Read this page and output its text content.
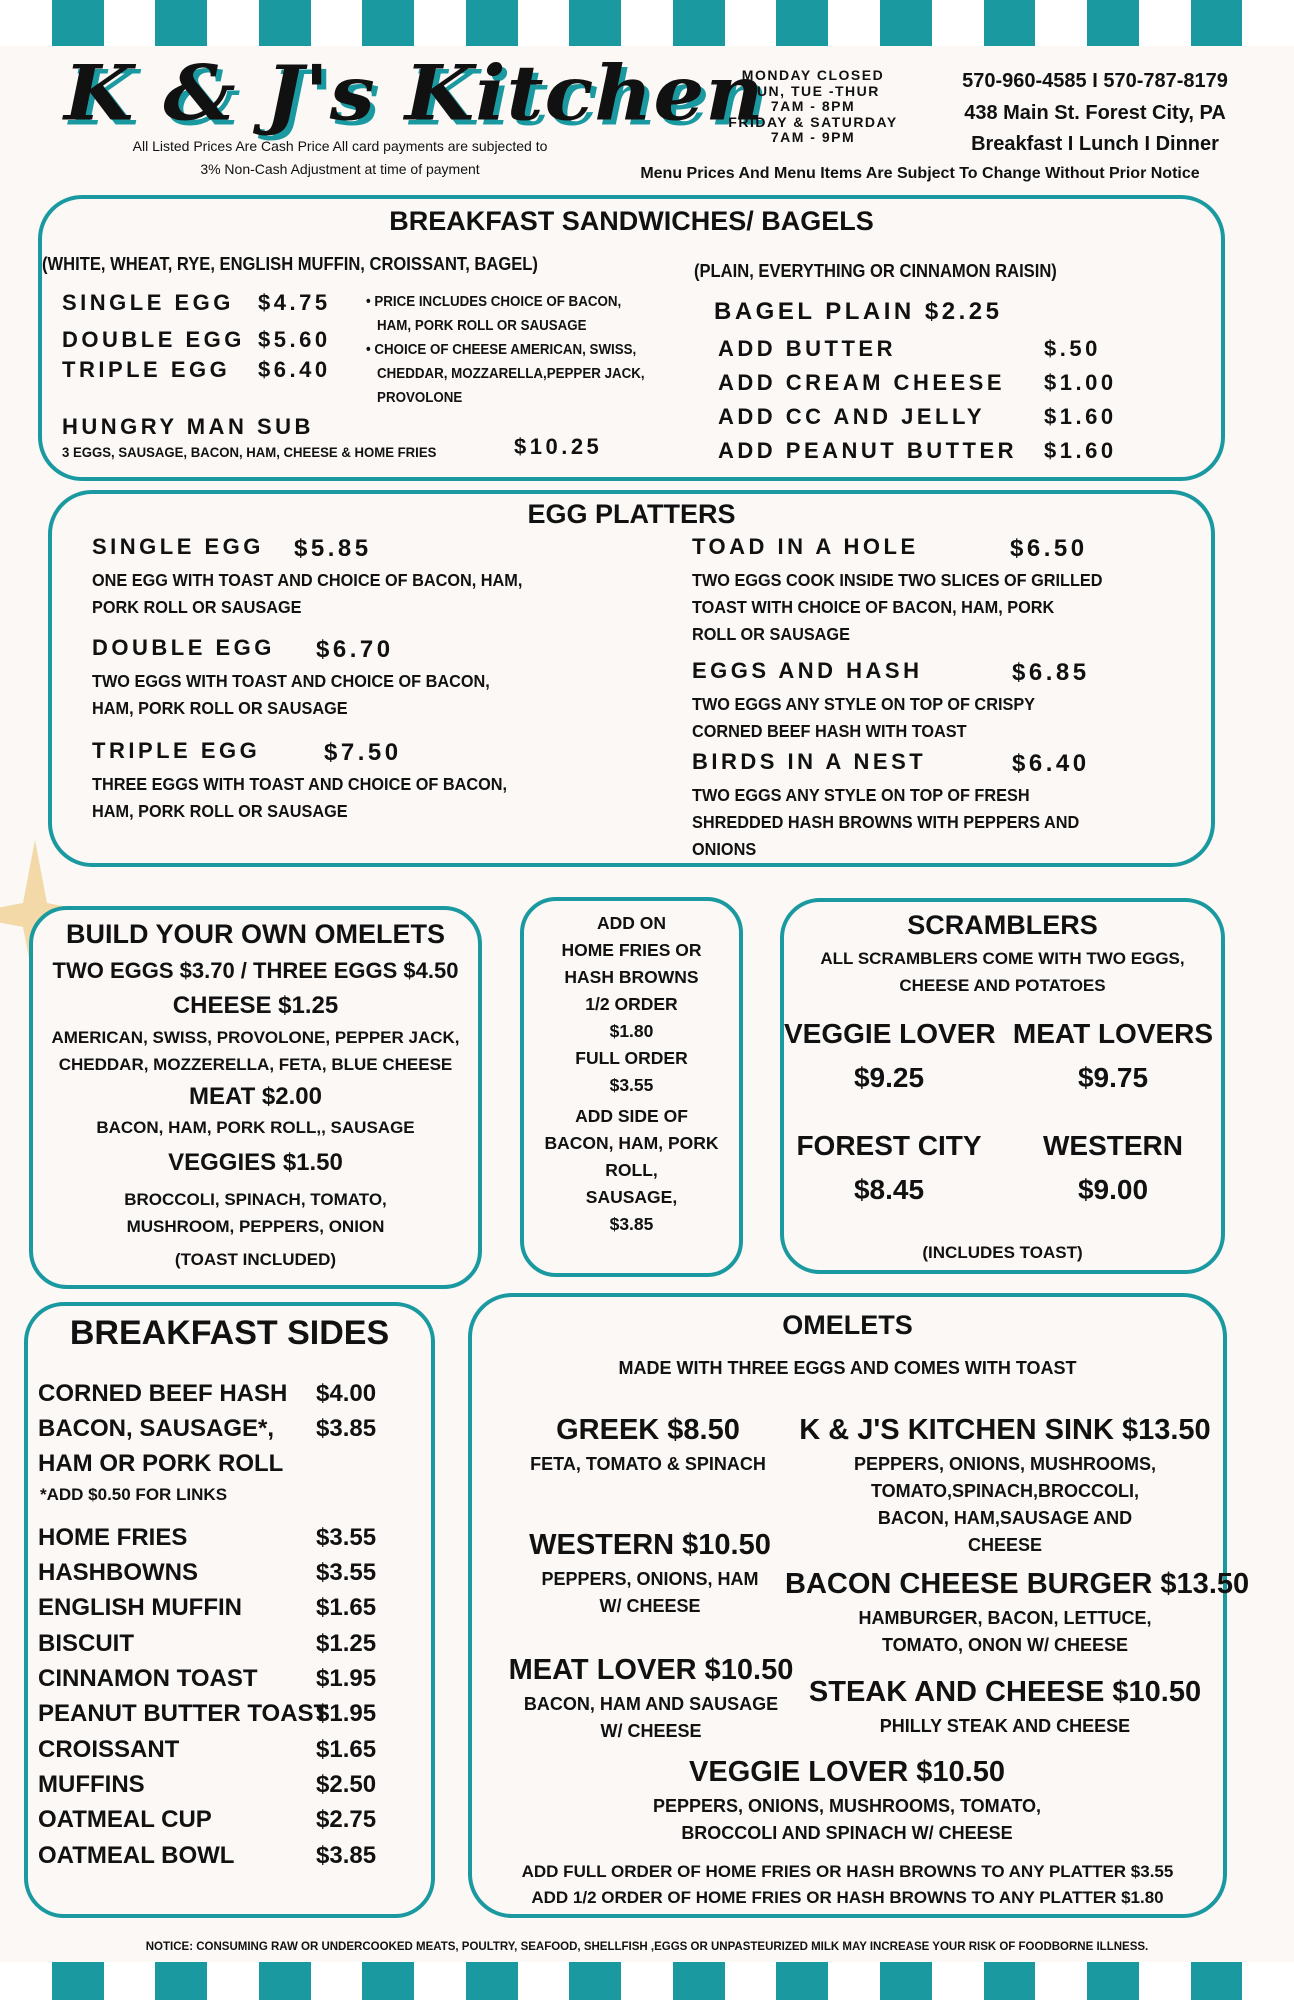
K & J's Kitchen
All Listed Prices Are Cash Price All card payments are subjected to
3% Non-Cash Adjustment at time of payment
MONDAY CLOSED
SUN, TUE -THUR
7AM - 8PM
FRIDAY & SATURDAY
7AM - 9PM
570-960-4585 I 570-787-8179
438 Main St. Forest City, PA
Breakfast I Lunch I Dinner
Menu Prices And Menu Items Are Subject To Change Without Prior Notice
BREAKFAST SANDWICHES/ BAGELS
(WHITE, WHEAT, RYE, ENGLISH MUFFIN, CROISSANT, BAGEL)
SINGLE EGG $4.75
DOUBLE EGG $5.60
TRIPLE EGG $6.40
• PRICE INCLUDES CHOICE OF BACON,
HAM, PORK ROLL OR SAUSAGE
• CHOICE OF CHEESE AMERICAN, SWISS,
CHEDDAR, MOZZARELLA,PEPPER JACK,
PROVOLONE
HUNGRY MAN SUB
3 EGGS, SAUSAGE, BACON, HAM, CHEESE & HOME FRIES	$10.25
(PLAIN, EVERYTHING OR CINNAMON RAISIN)
BAGEL PLAIN $2.25
ADD BUTTER	$.50
ADD CREAM CHEESE $1.00
ADD CC AND JELLY	$1.60
ADD PEANUT BUTTER $1.60
EGG PLATTERS
SINGLE EGG $5.85
ONE EGG WITH TOAST AND CHOICE OF BACON, HAM,
PORK ROLL OR SAUSAGE
DOUBLE EGG $6.70
TWO EGGS WITH TOAST AND CHOICE OF BACON,
HAM, PORK ROLL OR SAUSAGE
TRIPLE EGG	$7.50
THREE EGGS WITH TOAST AND CHOICE OF BACON,
HAM, PORK ROLL OR SAUSAGE
TOAD IN A HOLE	$6.50
TWO EGGS COOK INSIDE TWO SLICES OF GRILLED
TOAST WITH CHOICE OF BACON, HAM, PORK
ROLL OR SAUSAGE
EGGS AND HASH	$6.85
TWO EGGS ANY STYLE ON TOP OF CRISPY
CORNED BEEF HASH WITH TOAST
BIRDS IN A NEST	$6.40
TWO EGGS ANY STYLE ON TOP OF FRESH
SHREDDED HASH BROWNS WITH PEPPERS AND
ONIONS
BUILD YOUR OWN OMELETS
TWO EGGS $3.70 / THREE EGGS $4.50
CHEESE $1.25
AMERICAN, SWISS, PROVOLONE, PEPPER JACK,
CHEDDAR, MOZZERELLA, FETA, BLUE CHEESE
MEAT $2.00
BACON, HAM, PORK ROLL,, SAUSAGE
VEGGIES $1.50
BROCCOLI, SPINACH, TOMATO,
MUSHROOM, PEPPERS, ONION
(TOAST INCLUDED)
ADD ON
HOME FRIES OR
HASH BROWNS
1/2 ORDER
$1.80
FULL ORDER
$3.55
ADD SIDE OF
BACON, HAM, PORK
ROLL,
SAUSAGE,
$3.85
SCRAMBLERS
ALL SCRAMBLERS COME WITH TWO EGGS,
CHEESE AND POTATOES
VEGGIE LOVER
$9.25
MEAT LOVERS
$9.75
FOREST CITY
$8.45
WESTERN
$9.00
(INCLUDES TOAST)
BREAKFAST SIDES
CORNED BEEF HASH $4.00
BACON, SAUSAGE*, $3.85
HAM OR PORK ROLL
HOME FRIES	$3.55
HASHBOWNS	$3.55
ENGLISH MUFFIN	$1.65
BISCUIT	$1.25
CINNAMON TOAST $1.95
PEANUT BUTTER TOAST
$1.95
CROISSANT	$1.65
MUFFINS	$2.50
OATMEAL CUP	$2.75
OATMEAL BOWL	$3.85
*ADD $0.50 FOR LINKS
OMELETS
MADE WITH THREE EGGS AND COMES WITH TOAST
GREEK $8.50
FETA, TOMATO & SPINACH
WESTERN $10.50
PEPPERS, ONIONS, HAM
W/ CHEESE
MEAT LOVER $10.50
BACON, HAM AND SAUSAGE
W/ CHEESE
K & J'S KITCHEN SINK $13.50
PEPPERS, ONIONS, MUSHROOMS,
TOMATO,SPINACH,BROCCOLI,
BACON, HAM,SAUSAGE AND
CHEESE
BACON CHEESE BURGER $13.50
HAMBURGER, BACON, LETTUCE,
TOMATO, ONON W/ CHEESE
STEAK AND CHEESE $10.50
PHILLY STEAK AND CHEESE
VEGGIE LOVER $10.50
PEPPERS, ONIONS, MUSHROOMS, TOMATO,
BROCCOLI AND SPINACH W/ CHEESE
ADD FULL ORDER OF HOME FRIES OR HASH BROWNS TO ANY PLATTER $3.55
ADD 1/2 ORDER OF HOME FRIES OR HASH BROWNS TO ANY PLATTER $1.80
NOTICE: CONSUMING RAW OR UNDERCOOKED MEATS, POULTRY, SEAFOOD, SHELLFISH ,EGGS OR UNPASTEURIZED MILK MAY INCREASE YOUR RISK OF FOODBORNE ILLNESS.
